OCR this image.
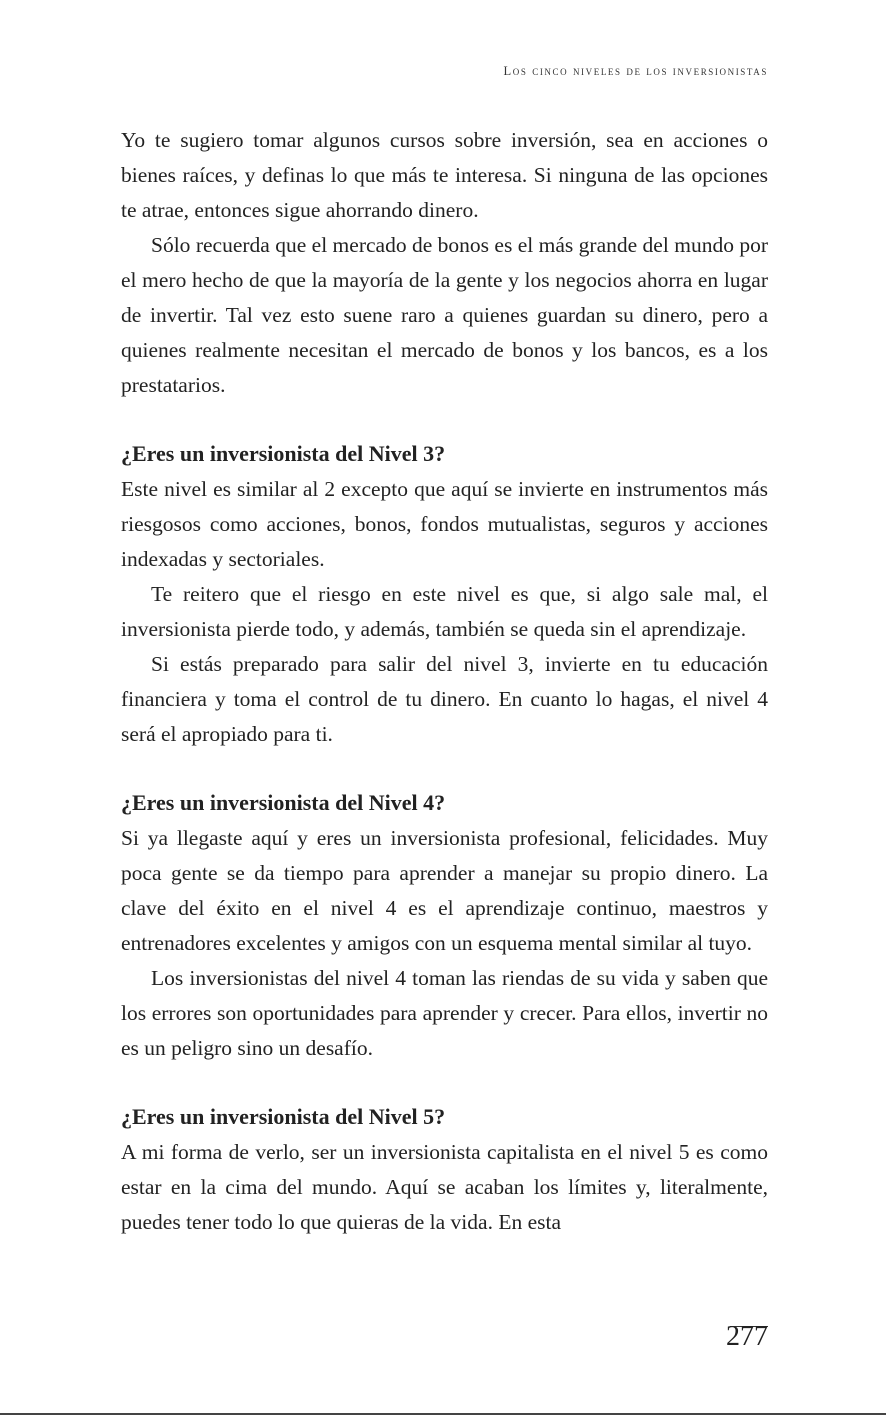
Los cinco niveles de los inversionistas

Yo te sugiero tomar algunos cursos sobre inversión, sea en acciones o bienes raíces, y definas lo que más te interesa. Si ninguna de las opciones te atrae, entonces sigue ahorrando dinero.

Sólo recuerda que el mercado de bonos es el más grande del mundo por el mero hecho de que la mayoría de la gente y los negocios ahorra en lugar de invertir. Tal vez esto suene raro a quienes guardan su dinero, pero a quienes realmente necesitan el mercado de bonos y los bancos, es a los prestatarios.

¿Eres un inversionista del Nivel 3?

Este nivel es similar al 2 excepto que aquí se invierte en instrumentos más riesgosos como acciones, bonos, fondos mutualistas, seguros y acciones indexadas y sectoriales.

Te reitero que el riesgo en este nivel es que, si algo sale mal, el inversionista pierde todo, y además, también se queda sin el aprendizaje.

Si estás preparado para salir del nivel 3, invierte en tu educación financiera y toma el control de tu dinero. En cuanto lo hagas, el nivel 4 será el apropiado para ti.

¿Eres un inversionista del Nivel 4?

Si ya llegaste aquí y eres un inversionista profesional, felicidades. Muy poca gente se da tiempo para aprender a manejar su propio dinero. La clave del éxito en el nivel 4 es el aprendizaje continuo, maestros y entrenadores excelentes y amigos con un esquema mental similar al tuyo.

Los inversionistas del nivel 4 toman las riendas de su vida y saben que los errores son oportunidades para aprender y crecer. Para ellos, invertir no es un peligro sino un desafío.

¿Eres un inversionista del Nivel 5?

A mi forma de verlo, ser un inversionista capitalista en el nivel 5 es como estar en la cima del mundo. Aquí se acaban los límites y, literalmente, puedes tener todo lo que quieras de la vida. En esta

277
